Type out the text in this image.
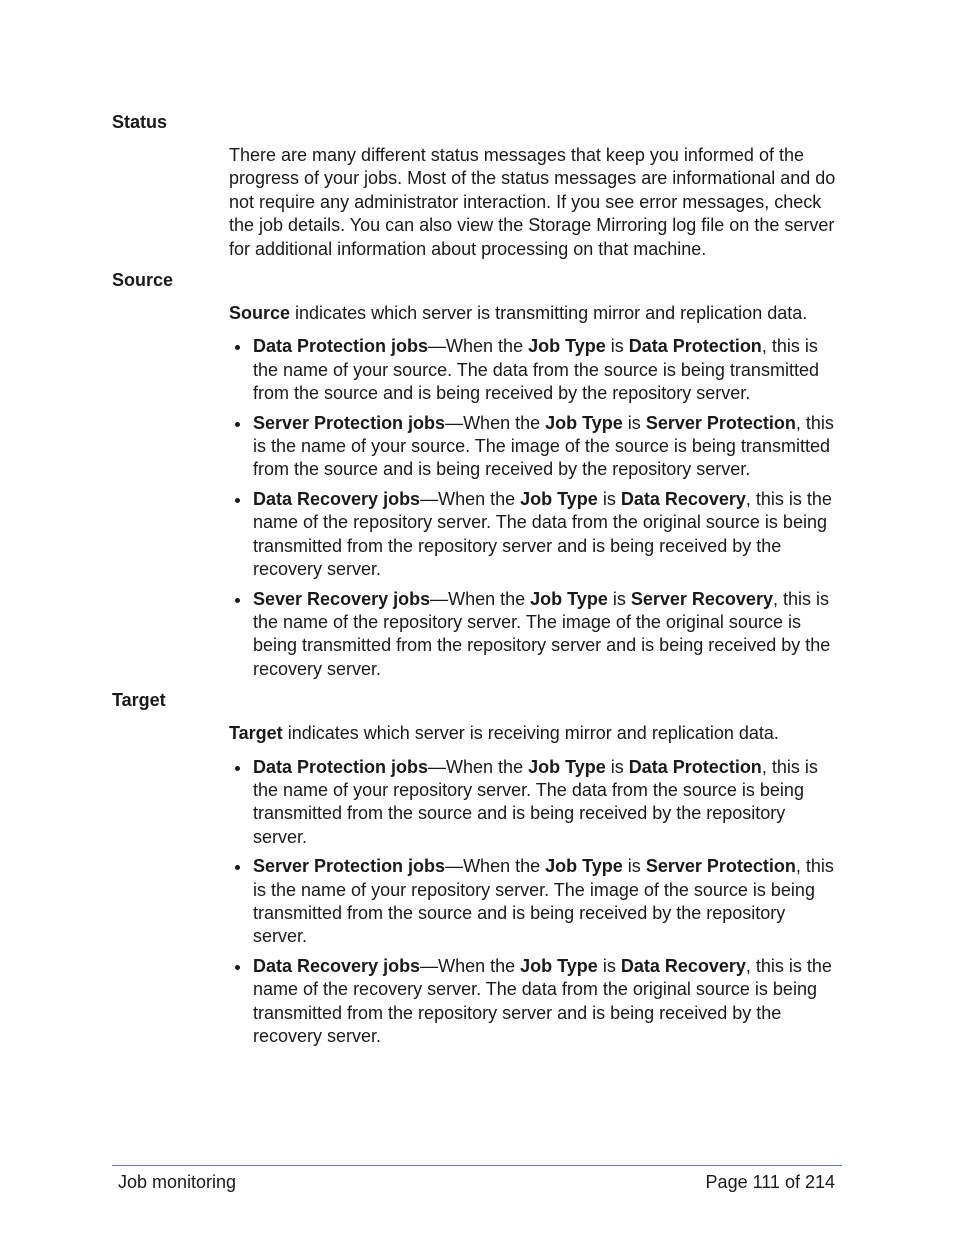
Status

There are many different status messages that keep you informed of the progress of your jobs. Most of the status messages are informational and do not require any administrator interaction. If you see error messages, check the job details. You can also view the Storage Mirroring log file on the server for additional information about processing on that machine.

Source

Source indicates which server is transmitting mirror and replication data.

Data Protection jobs—When the Job Type is Data Protection, this is the name of your source. The data from the source is being transmitted from the source and is being received by the repository server.
Server Protection jobs—When the Job Type is Server Protection, this is the name of your source. The image of the source is being transmitted from the source and is being received by the repository server.
Data Recovery jobs—When the Job Type is Data Recovery, this is the name of the repository server. The data from the original source is being transmitted from the repository server and is being received by the recovery server.
Sever Recovery jobs—When the Job Type is Server Recovery, this is the name of the repository server. The image of the original source is being transmitted from the repository server and is being received by the recovery server.

Target

Target indicates which server is receiving mirror and replication data.

Data Protection jobs—When the Job Type is Data Protection, this is the name of your repository server. The data from the source is being transmitted from the source and is being received by the repository server.
Server Protection jobs—When the Job Type is Server Protection, this is the name of your repository server. The image of the source is being transmitted from the source and is being received by the repository server.
Data Recovery jobs—When the Job Type is Data Recovery, this is the name of the recovery server. The data from the original source is being transmitted from the repository server and is being received by the recovery server.
Job monitoring	Page 111 of 214
